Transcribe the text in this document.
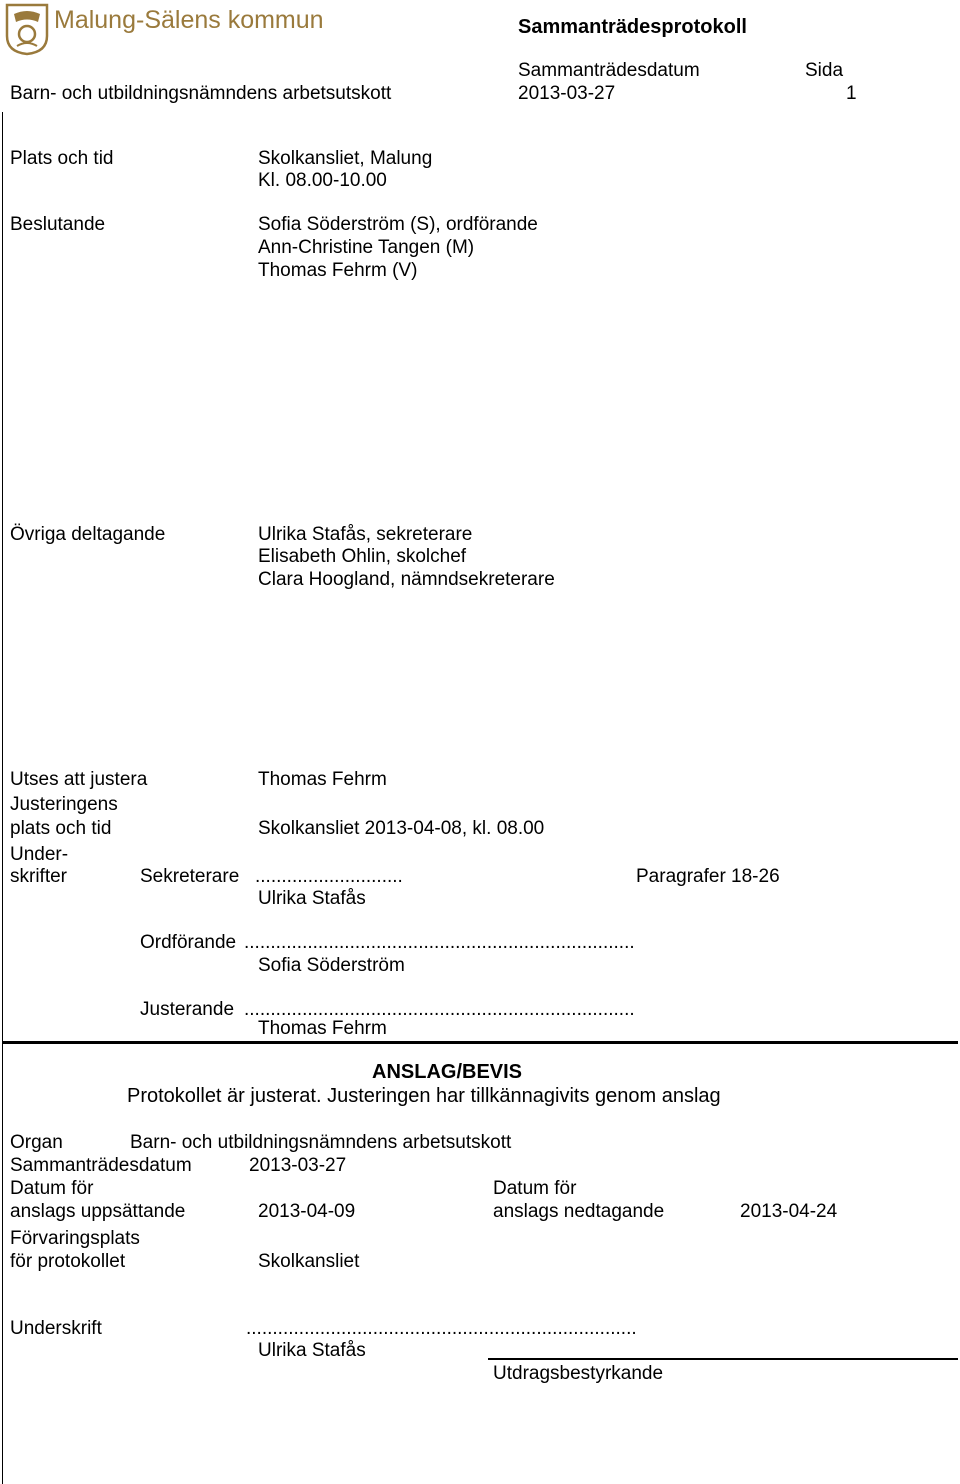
Malung-Sälens kommun	Sammanträdesprotokoll
Sammanträdesdatum	Sida
Barn- och utbildningsnämndens arbetsutskott	2013-03-27	1
Plats och tid	Skolkansliet, Malung
Kl. 08.00-10.00
Beslutande	Sofia Söderström (S), ordförande
Ann-Christine Tangen (M)
Thomas Fehrm (V)
Övriga deltagande	Ulrika Stafås, sekreterare
Elisabeth Ohlin, skolchef
Clara Hoogland, nämndsekreterare
Utses att justera	Thomas Fehrm
Justeringens
plats och tid	Skolkansliet 2013-04-08, kl. 08.00
Under-
skrifter	Sekreterare ............................	Paragrafer 18-26
Ulrika Stafås
Ordförande ..........................................................................
Sofia Söderström
Justerande ..........................................................................
Thomas Fehrm
ANSLAG/BEVIS
Protokollet är justerat. Justeringen har tillkännagivits genom anslag
Organ	Barn- och utbildningsnämndens arbetsutskott
Sammanträdesdatum	2013-03-27
Datum för
anslags uppsättande	2013-04-09
Datum för
anslags nedtagande	2013-04-24
Förvaringsplats
för protokollet	Skolkansliet
Underskrift	..........................................................................
Ulrika Stafås
Utdragsbestyrkande
